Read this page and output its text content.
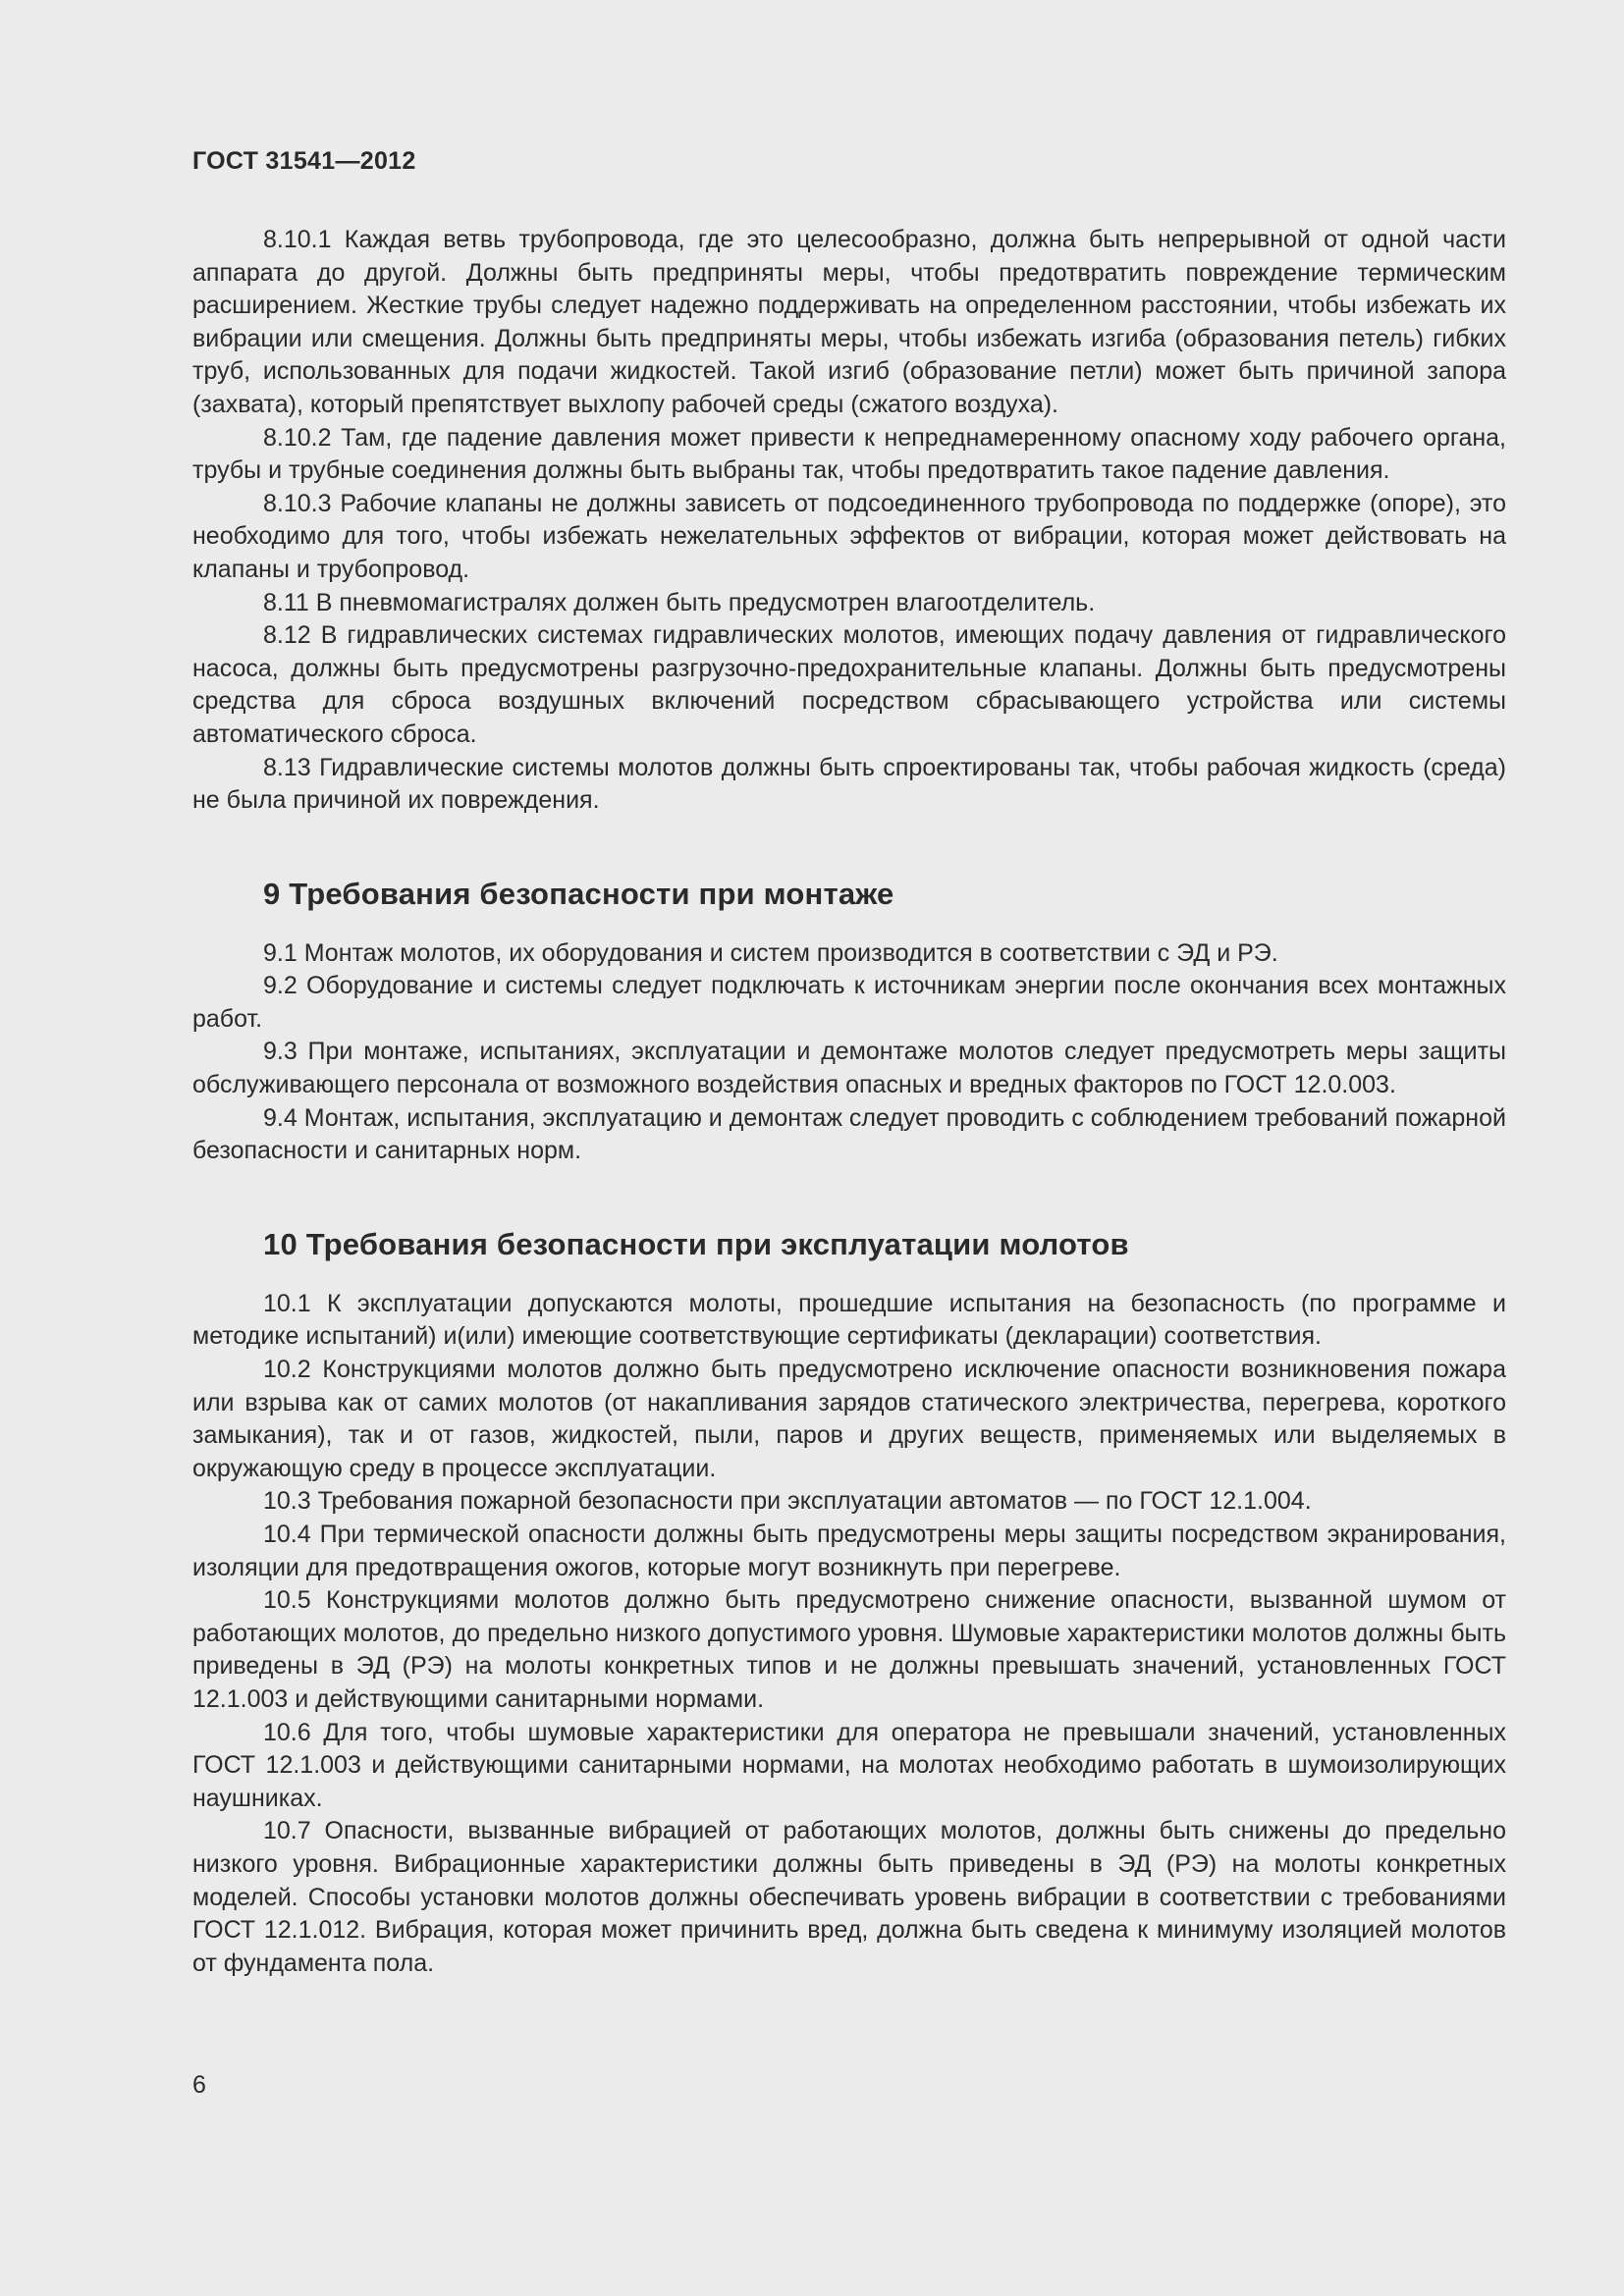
ГОСТ 31541—2012

8.10.1 Каждая ветвь трубопровода, где это целесообразно, должна быть непрерывной от одной части аппарата до другой. Должны быть предприняты меры, чтобы предотвратить повреждение термическим расширением. Жесткие трубы следует надежно поддерживать на определенном расстоянии, чтобы избежать их вибрации или смещения. Должны быть предприняты меры, чтобы избежать изгиба (образования петель) гибких труб, использованных для подачи жидкостей. Такой изгиб (образование петли) может быть причиной запора (захвата), который препятствует выхлопу рабочей среды (сжатого воздуха).

8.10.2 Там, где падение давления может привести к непреднамеренному опасному ходу рабочего органа, трубы и трубные соединения должны быть выбраны так, чтобы предотвратить такое падение давления.

8.10.3 Рабочие клапаны не должны зависеть от подсоединенного трубопровода по поддержке (опоре), это необходимо для того, чтобы избежать нежелательных эффектов от вибрации, которая может действовать на клапаны и трубопровод.

8.11 В пневмомагистралях должен быть предусмотрен влагоотделитель.

8.12 В гидравлических системах гидравлических молотов, имеющих подачу давления от гидравлического насоса, должны быть предусмотрены разгрузочно-предохранительные клапаны. Должны быть предусмотрены средства для сброса воздушных включений посредством сбрасывающего устройства или системы автоматического сброса.

8.13 Гидравлические системы молотов должны быть спроектированы так, чтобы рабочая жидкость (среда) не была причиной их повреждения.

9 Требования безопасности при монтаже

9.1 Монтаж молотов, их оборудования и систем производится в соответствии с ЭД и РЭ.

9.2 Оборудование и системы следует подключать к источникам энергии после окончания всех монтажных работ.

9.3 При монтаже, испытаниях, эксплуатации и демонтаже молотов следует предусмотреть меры защиты обслуживающего персонала от возможного воздействия опасных и вредных факторов по ГОСТ 12.0.003.

9.4 Монтаж, испытания, эксплуатацию и демонтаж следует проводить с соблюдением требований пожарной безопасности и санитарных норм.

10 Требования безопасности при эксплуатации молотов

10.1 К эксплуатации допускаются молоты, прошедшие испытания на безопасность (по программе и методике испытаний) и(или) имеющие соответствующие сертификаты (декларации) соответствия.

10.2 Конструкциями молотов должно быть предусмотрено исключение опасности возникновения пожара или взрыва как от самих молотов (от накапливания зарядов статического электричества, перегрева, короткого замыкания), так и от газов, жидкостей, пыли, паров и других веществ, применяемых или выделяемых в окружающую среду в процессе эксплуатации.

10.3 Требования пожарной безопасности при эксплуатации автоматов — по ГОСТ 12.1.004.

10.4 При термической опасности должны быть предусмотрены меры защиты посредством экранирования, изоляции для предотвращения ожогов, которые могут возникнуть при перегреве.

10.5 Конструкциями молотов должно быть предусмотрено снижение опасности, вызванной шумом от работающих молотов, до предельно низкого допустимого уровня. Шумовые характеристики молотов должны быть приведены в ЭД (РЭ) на молоты конкретных типов и не должны превышать значений, установленных ГОСТ 12.1.003 и действующими санитарными нормами.

10.6 Для того, чтобы шумовые характеристики для оператора не превышали значений, установленных ГОСТ 12.1.003 и действующими санитарными нормами, на молотах необходимо работать в шумоизолирующих наушниках.

10.7 Опасности, вызванные вибрацией от работающих молотов, должны быть снижены до предельно низкого уровня. Вибрационные характеристики должны быть приведены в ЭД (РЭ) на молоты конкретных моделей. Способы установки молотов должны обеспечивать уровень вибрации в соответствии с требованиями ГОСТ 12.1.012. Вибрация, которая может причинить вред, должна быть сведена к минимуму изоляцией молотов от фундамента пола.

6
